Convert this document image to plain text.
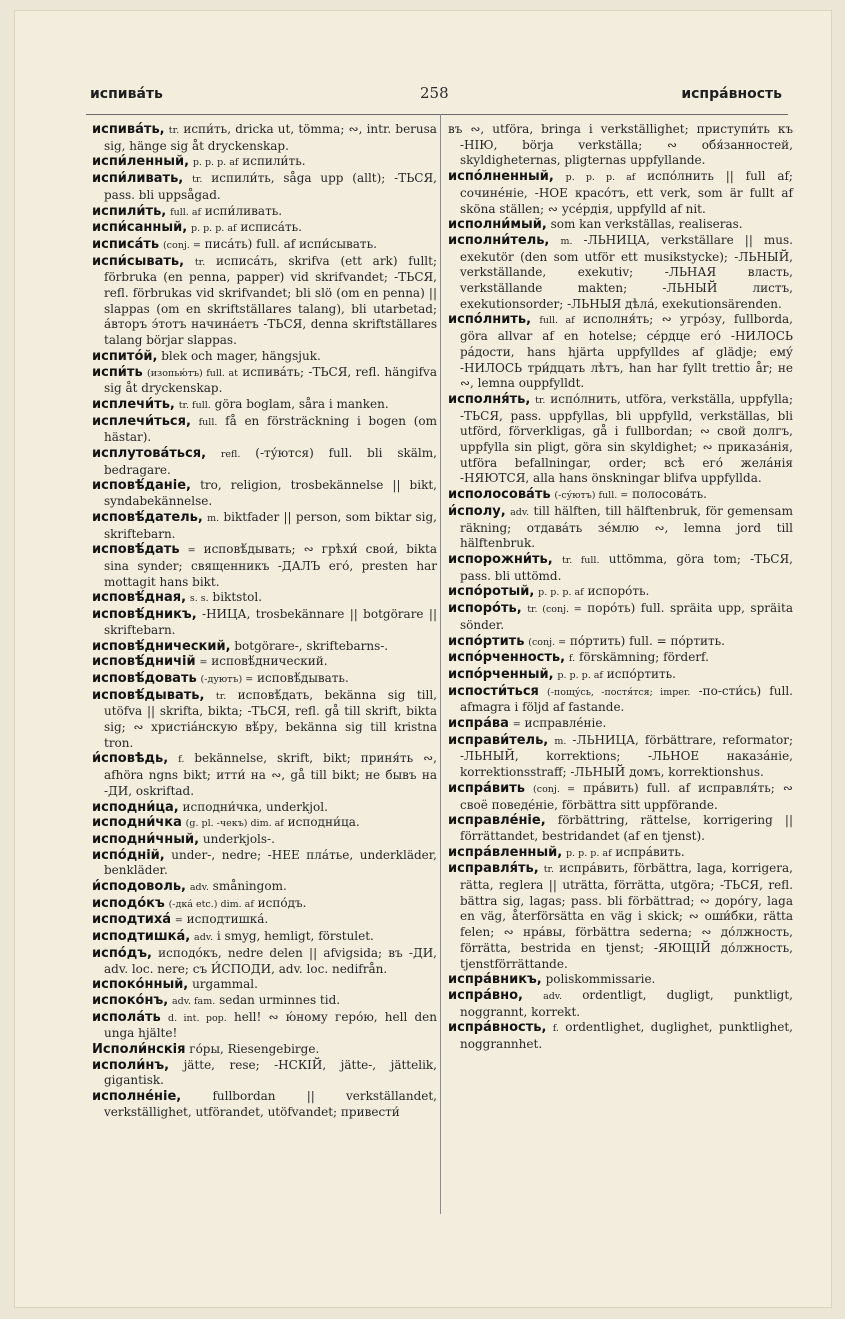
испивáть	258	испрáвность
испивáть, tr. испи́ть, dricka ut, tömma; ∾, intr. berusa sig, hänge sig åt dryckenskap.
испи́ленный, p. p. p. af испили́ть.
испи́ливать, tr. испили́ть, såga upp (allt); -ТЬСЯ, pass. bli uppsågad.
испили́ть, full. af испи́ливать.
испи́санный, p. p. p. af исписáть.
исписáть (conj. = писáть) full. af испи́сывать.
испи́сывать, tr. исписáть, skrifva (ett ark) fullt; förbruka (en penna, papper) vid skrifvandet; -ТЬСЯ, refl. förbrukas vid skrifvandet; bli slö (om en penna) || slappas (om en skriftställares talang), bli utarbetad; áвторъ э́тотъ начинáетъ -ТЬСЯ, denna skriftställares talang börjar slappas.
испито́й, blek och mager, hängsjuk.
испи́ть (изопью́тъ) full. at испивáть; -ТЬСЯ, refl. hängifva sig åt dryckenskap.
исплечи́ть, tr. full. göra boglam, såra i manken.
исплечи́ться, full. få en försträckning i bogen (om hästar).
исплутовáться, refl. (-ту́ются) full. bli skälm, bedragare.
исповѣ́даніе, tro, religion, trosbekännelse || bikt, syndabekännelse.
исповѣ́датель, m. biktfader || person, som biktar sig, skriftebarn.
исповѣ́дать = исповѣ́дывать; ∾ грѣхи́ свои́, bikta sina synder; священникъ -ДАЛЪ его́, presten har mottagit hans bikt.
исповѣ́дная, s. s. biktstol.
исповѣ́дникъ, -НИЦА, trosbekännare || botgörare || skriftebarn.
исповѣ́днический, botgörare-, skriftebarns-.
исповѣ́дничій = исповѣ́днический.
исповѣ́довать (-дуютъ) = исповѣ́дывать.
исповѣ́дывать, tr. исповѣ́дать, bekänna sig till, utöfva || skrifta, bikta; -ТЬСЯ, refl. gå till skrift, bikta sig; ∾ христіáнскую вѣ́ру, bekänna sig till kristna tron.
и́сповѣдь, f. bekännelse, skrift, bikt; приня́ть ∾, afhöra ngns bikt; итти́ на ∾, gå till bikt; не бывъ на -ДИ, oskriftad.
исподни́ца, исподни́чка, underkjol.
исподни́чка (g. pl. -чекъ) dim. af исподни́ца.
исподни́чный, underkjols-.
испо́дній, under-, nedre; -НЕЕ плáтье, underkläder, benkläder.
и́сподоволь, adv. småningom.
исподо́къ (-дкá etc.) dim. af испо́дъ.
исподтихá = исподтишкá.
исподтишкá, adv. i smyg, hemligt, förstulet.
испо́дъ, исподо́къ, nedre delen || afvigsida; въ -ДИ, adv. loc. nere; съ И́СПОДИ, adv. loc. nedifrån.
испоко́нный, urgammal.
испоко́нъ, adv. fam. sedan urminnes tid.
исполáть d. int. pop. hell! ∾ ю́ному геро́ю, hell den unga hjälte!
Исполи́нскія го́ры, Riesengebirge.
исполи́нъ, jätte, rese; -НСКІЙ, jätte-, jättelik, gigantisk.
исполне́ніе,	fullbordan || verkställandet, verkställighet, utförandet, utöfvandet; привести́
въ ∾, utföra, bringa i verkställighet; приступи́ть къ -НІЮ, börja verkställa; ∾ обя́занностей, skyldigheternas, pligternas uppfyllande.
испо́лненный, p. p. p. af испо́лнить || full af; сочинéніе, -НОЕ красо́тъ, ett verk, som är fullt af sköna ställen; ∾ усéрдія, uppfylld af nit.
исполни́мый, som kan verkställas, realiseras.
исполни́тель, m. -ЛЬНИЦА, verkställare || mus. exekutör (den som utför ett musikstycke); -ЛЬНЫЙ, verkställande, exekutiv; -ЛЬНАЯ власть, verkställande makten; -ЛЬНЫЙ листъ, exekutionsorder; -ЛЬНЫЯ дѣлá, exekutionsärenden.
испо́лнить, full. af исполня́ть; ∾ угро́зу, fullborda, göra allvar af en hotelse; сéрдце его́ -НИЛОСЬ рáдости, hans hjärta uppfylldes af glädje; ему́ -НИЛОСЬ три́дцать лѣтъ, han har fyllt trettio år; не ∾, lemna ouppfylldt.
исполня́ть, tr. испо́лнить, utföra, verkställa, uppfylla; -ТЬСЯ, pass. uppfyllas, bli uppfylld, verkställas, bli utförd, förverkligas, gå i fullbordan; ∾ свой долгъ, uppfylla sin pligt, göra sin skyldighet; ∾ приказáнія, utföra befallningar, order; всѣ его́ желáнія -НЯЮТСЯ, alla hans önskningar blifva uppfyllda.
исполосовáть (-су́ютъ) full. = полосовáть.
и́сполу, adv. till hälften, till hälftenbruk, för gemensam räkning; отдавáть зéмлю ∾, lemna jord till hälftenbruk.
испорожни́ть, tr. full. uttömma, göra tom; -ТЬСЯ, pass. bli uttömd.
испо́ротый, p. p. p. af испоро́ть.
испоро́ть, tr. (conj. = поро́ть) full. spräita upp, spräita sönder.
испо́ртить (conj. = по́ртить) full. = по́ртить.
испо́рченность, f. förskämning; förderf.
испо́рченный, p. p. p. af испо́ртить.
испости́ться (-пощу́сь, -постя́тся; imper. -по-сти́сь) full. afmagra i följd af fastande.
испрáва = исправлéніе.
исправи́тель, m. -ЛЬНИЦА, förbättrare, reformator; -ЛЬНЫЙ, korrektions; -ЛЬНОЕ наказáніе, korrektionsstraff; -ЛЬНЫЙ домъ, korrektionshus.
испрáвить (conj. = прáвить) full. af исправля́ть; ∾ своё поведéніе, förbättra sitt uppförande.
исправлéніе, förbättring, rättelse, korrigering || förrättandet, bestridandet (af en tjenst).
испрáвленный, p. p. p. af испрáвить.
исправля́ть, tr. испрáвить, förbättra, laga, korrigera, rätta, reglera || uträtta, förrätta, utgöra; -ТЬСЯ, refl. bättra sig, lagas; pass. bli förbättrad; ∾ доро́гу, laga en väg, återförsätta en väg i skick; ∾ оши́бки, rätta felen; ∾ нрáвы, förbättra sederna; ∾ до́лжность, förrätta, bestrida en tjenst; -ЯЮЩІЙ до́лжность, tjenstförrättande.
испрáвникъ, poliskommissarie.
испрáвно, adv. ordentligt, dugligt, punktligt, noggrannt, korrekt.
испрáвность, f. ordentlighet, duglighet, punktlighet, noggrannhet.
